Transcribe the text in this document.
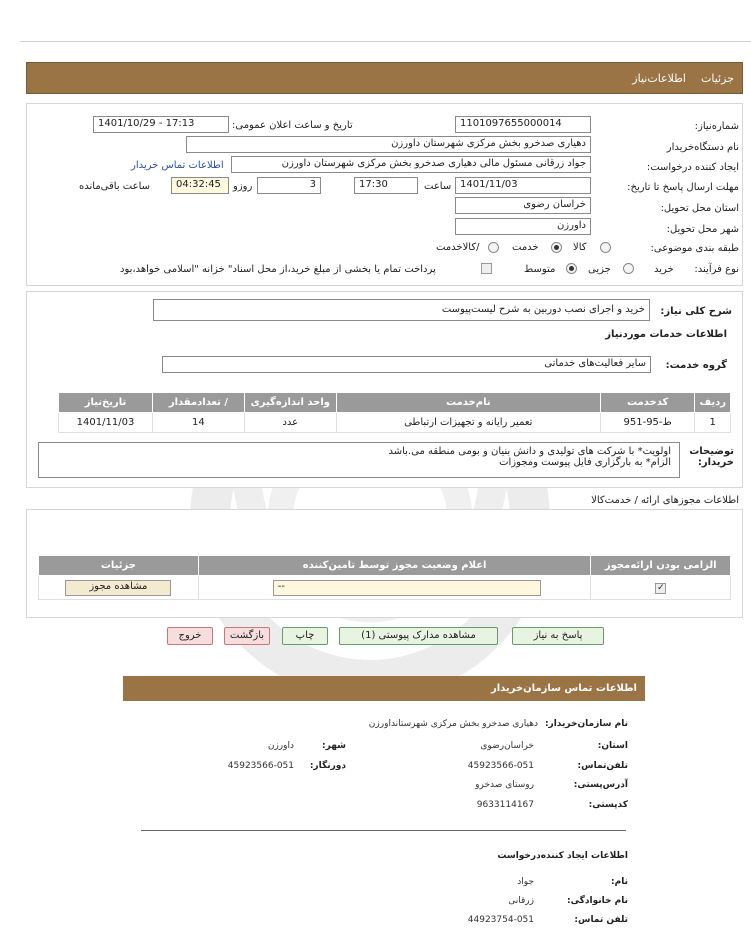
جزئیات
اطلاعات‌نیاز
شماره‌نیاز:
1101097655000014
تاریخ و ساعت اعلان عمومی:
1401/10/29 - 17:13
نام دستگاه‌خریدار
دهیاری صدخرو بخش مرکزی شهرستان داورزن
ایجاد کننده درخواست:
جواد زرقانی مسئول مالی دهیاری صدخرو بخش مرکزی شهرستان داورزن
اطلاعات تماس خریدار
مهلت ارسال پاسخ تا تاریخ:
1401/11/03
ساعت
17:30
3
روزو
04:32:45
ساعت باقی‌مانده
استان محل تحویل:
خراسان رضوی
شهر محل تحویل:
داورزن
طبقه بندی موضوعی:
کالا
خدمت
/کالاخدمت
نوع فرآیند:
خرید
جزیی
متوسط
پرداخت تمام یا بخشی از مبلغ خرید،از محل اسناد" خزانه "اسلامی خواهد،بود
شرح کلی نیاز:
خرید و اجرای نصب دوربین به شرح لیست‌پیوست
اطلاعات خدمات موردنیاز
گروه خدمت:
سایر فعالیت‌های خدماتی
ردیف	کدخدمت	نام‌خدمت	واحد اندازه‌گیری	/ تعدادمقدار	تاریخ‌نیاز
1	ط-95-951	تعمیر رایانه و تجهیزات ارتباطی	عدد	14	1401/11/03
توضیحات خریدار:
اولویت* با شرکت های تولیدی و دانش بنیان و بومی منطقه می.باشد
الزام* به بارگزاری فایل پیوست ومجوزات
اطلاعات مجوزهای ارائه / خدمت‌کالا
الزامی بودن ارائه‌مجوز	اعلام وضعیت مجوز توسط تامین‌کننده	جزئیات
✓	--	مشاهده مجوز
پاسخ به نیاز
مشاهده مدارک پیوستی (1)
چاپ
بازگشت
خروج
اطلاعات تماس سازمان‌خریدار
نام سازمان‌خریدار:
دهیاری صدخرو بخش مرکزی شهرستانداورزن
استان:
خراسان‌رضوی
شهر:
داورزن
تلفن‌تماس:
45923566-051
دورنگار:
45923566-051
آدرس‌پستی:
روستای صدخرو
کدپستی:
9633114167
اطلاعات ایجاد کننده‌درخواست
نام:
جواد
نام خانوادگی:
زرقانی
تلفن تماس:
44923754-051
